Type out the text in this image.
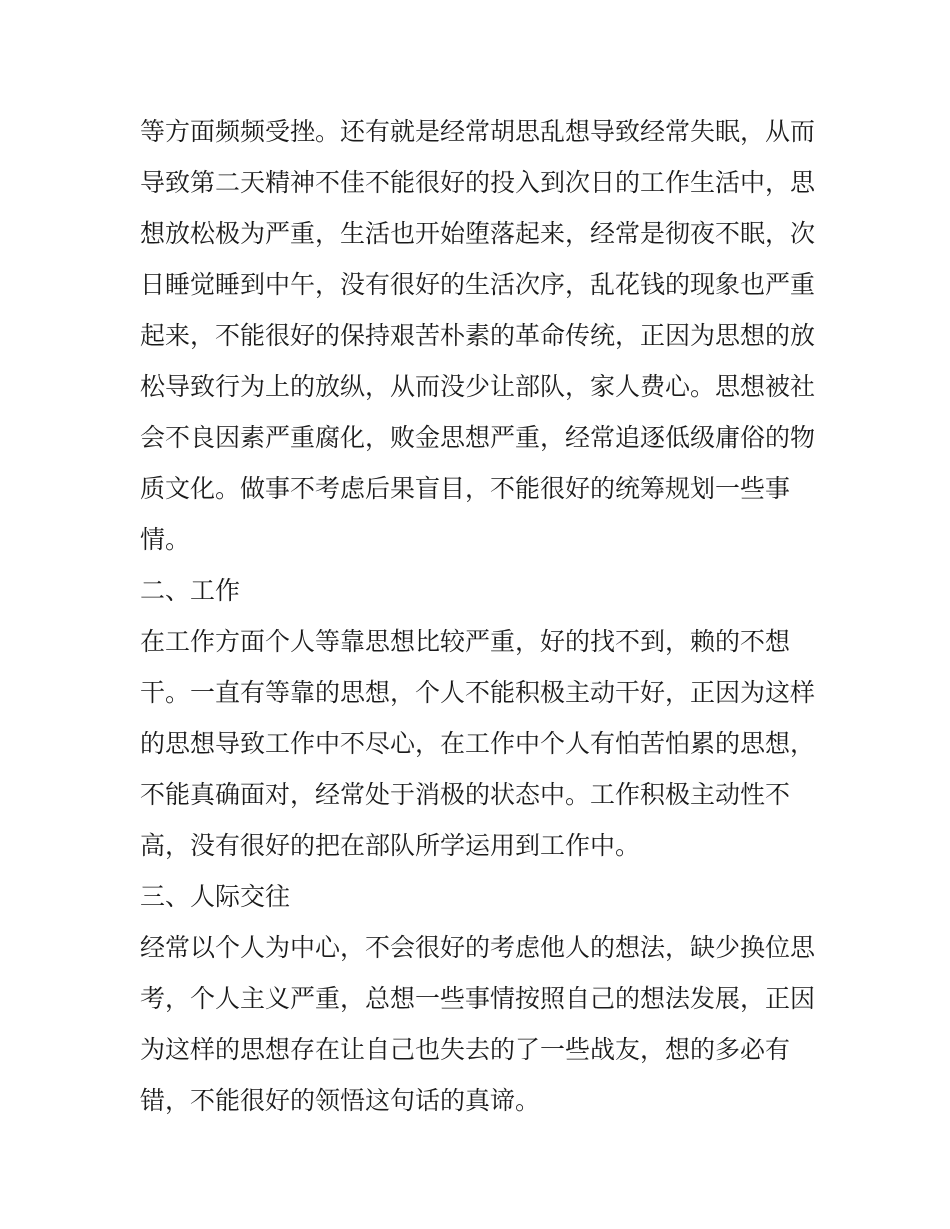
等方面频频受挫。还有就是经常胡思乱想导致经常失眠，从而
导致第二天精神不佳不能很好的投入到次日的工作生活中，思
想放松极为严重，生活也开始堕落起来，经常是彻夜不眠，次
日睡觉睡到中午，没有很好的生活次序，乱花钱的现象也严重
起来，不能很好的保持艰苦朴素的革命传统，正因为思想的放
松导致行为上的放纵，从而没少让部队，家人费心。思想被社
会不良因素严重腐化，败金思想严重，经常追逐低级庸俗的物
质文化。做事不考虑后果盲目，不能很好的统筹规划一些事
情。
二、工作
在工作方面个人等靠思想比较严重，好的找不到，赖的不想
干。一直有等靠的思想，个人不能积极主动干好，正因为这样
的思想导致工作中不尽心，在工作中个人有怕苦怕累的思想，
不能真确面对，经常处于消极的状态中。工作积极主动性不
高，没有很好的把在部队所学运用到工作中。
三、人际交往
经常以个人为中心，不会很好的考虑他人的想法，缺少换位思
考，个人主义严重，总想一些事情按照自己的想法发展，正因
为这样的思想存在让自己也失去的了一些战友，想的多必有
错，不能很好的领悟这句话的真谛。
